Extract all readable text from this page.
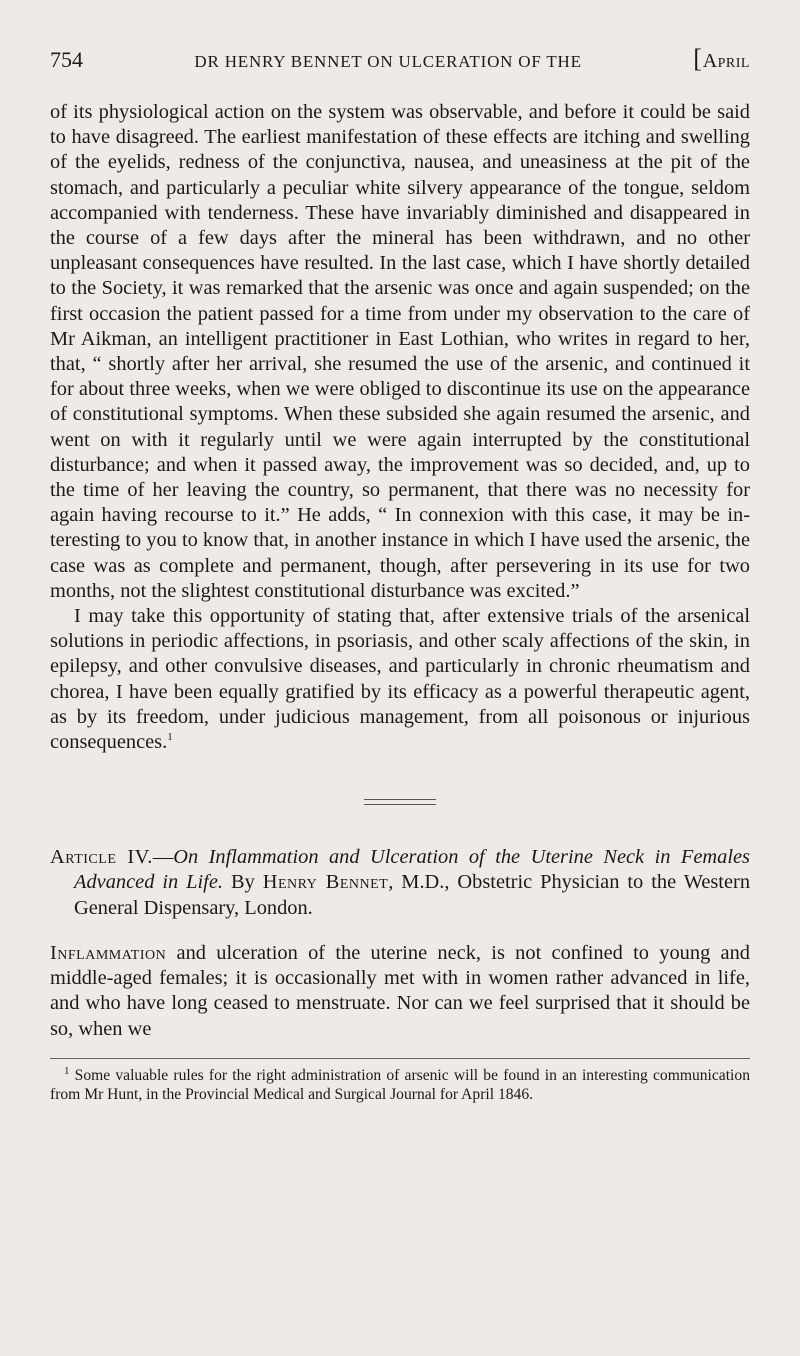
754	DR HENRY BENNET ON ULCERATION OF THE	[April

of its physiological action on the system was observable, and before it could be said to have disagreed. The earliest manifestation of these effects are itching and swelling of the eyelids, redness of the conjunctiva, nausea, and uneasiness at the pit of the stomach, and particularly a peculiar white silvery appearance of the tongue, seldom accompanied with tenderness. These have invariably diminished and disappeared in the course of a few days after the mineral has been withdrawn, and no other unpleasant consequences have resulted. In the last case, which I have shortly detailed to the Society, it was remarked that the arsenic was once and again suspended; on the first occasion the patient passed for a time from under my observation to the care of Mr Aikman, an intelligent practitioner in East Lothian, who writes in regard to her, that, “ shortly after her arrival, she resumed the use of the arsenic, and continued it for about three weeks, when we were obliged to discontinue its use on the appearance of constitutional symptoms. When these subsided she again resumed the arsenic, and went on with it regularly until we were again interrupted by the constitutional disturbance; and when it passed away, the improvement was so decided, and, up to the time of her leaving the country, so permanent, that there was no necessity for again having recourse to it.” He adds, “ In connexion with this case, it may be interesting to you to know that, in another instance in which I have used the arsenic, the case was as complete and permanent, though, after persevering in its use for two months, not the slightest constitutional disturbance was excited.”

I may take this opportunity of stating that, after extensive trials of the arsenical solutions in periodic affections, in psoriasis, and other scaly affections of the skin, in epilepsy, and other convulsive diseases, and particularly in chronic rheumatism and chorea, I have been equally gratified by its efficacy as a powerful therapeutic agent, as by its freedom, under judicious management, from all poisonous or injurious consequences.$^1$

Article IV.—On Inflammation and Ulceration of the Uterine Neck in Females Advanced in Life. By Henry Bennet, M.D., Obstetric Physician to the Western General Dispensary, London.

Inflammation and ulceration of the uterine neck, is not confined to young and middle-aged females; it is occasionally met with in women rather advanced in life, and who have long ceased to menstruate. Nor can we feel surprised that it should be so, when we

$^1$ Some valuable rules for the right administration of arsenic will be found in an interesting communication from Mr Hunt, in the Provincial Medical and Surgical Journal for April 1846.
